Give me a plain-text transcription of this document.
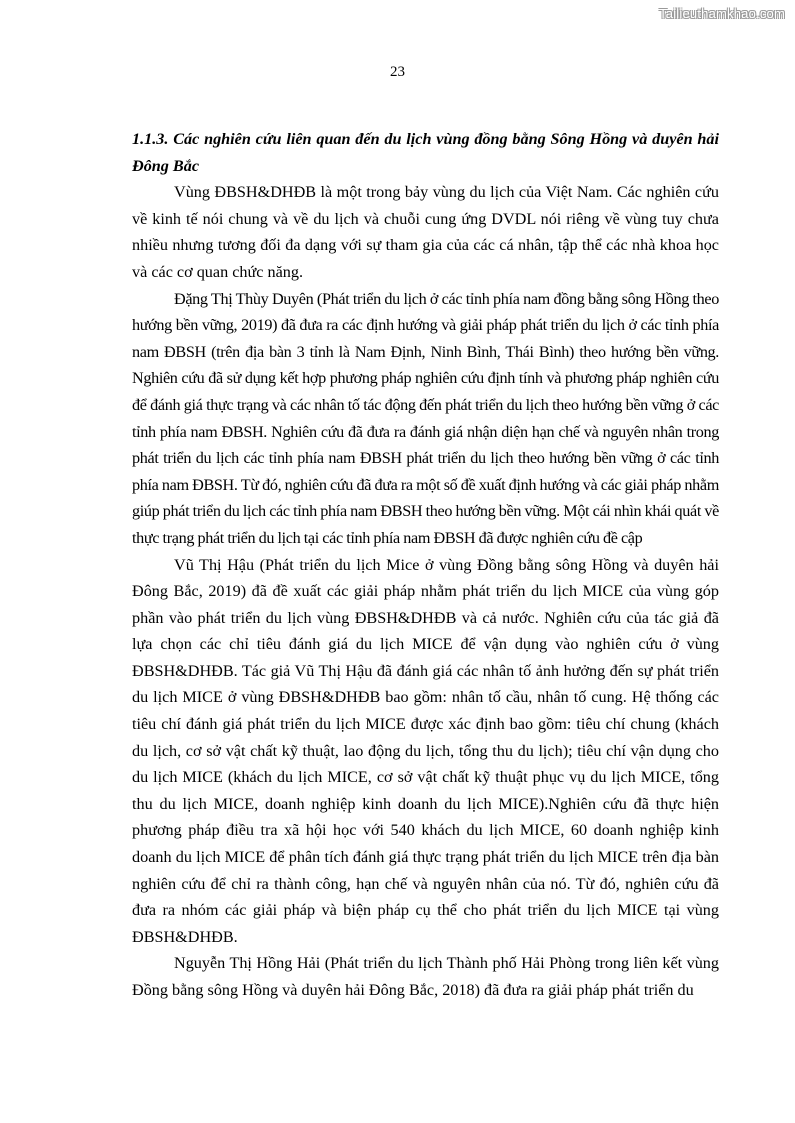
Tailieuthamkhao.com
23

1.1.3. Các nghiên cứu liên quan đến du lịch vùng đồng bằng Sông Hồng và duyên hải Đông Bắc

Vùng ĐBSH&DHĐB là một trong bảy vùng du lịch của Việt Nam. Các nghiên cứu về kinh tế nói chung và về du lịch và chuỗi cung ứng DVDL nói riêng về vùng tuy chưa nhiều nhưng tương đối đa dạng với sự tham gia của các cá nhân, tập thể các nhà khoa học và các cơ quan chức năng.

Đặng Thị Thùy Duyên (Phát triển du lịch ở các tỉnh phía nam đồng bằng sông Hồng theo hướng bền vững, 2019) đã đưa ra các định hướng và giải pháp phát triển du lịch ở các tỉnh phía nam ĐBSH (trên địa bàn 3 tỉnh là Nam Định, Ninh Bình, Thái Bình) theo hướng bền vững. Nghiên cứu đã sử dụng kết hợp phương pháp nghiên cứu định tính và phương pháp nghiên cứu để đánh giá thực trạng và các nhân tố tác động đến phát triển du lịch theo hướng bền vững ở các tỉnh phía nam ĐBSH. Nghiên cứu đã đưa ra đánh giá nhận diện hạn chế và nguyên nhân trong phát triển du lịch các tỉnh phía nam ĐBSH phát triển du lịch theo hướng bền vững ở các tỉnh phía nam ĐBSH. Từ đó, nghiên cứu đã đưa ra một số đề xuất định hướng và các giải pháp nhằm giúp phát triển du lịch các tỉnh phía nam ĐBSH theo hướng bền vững. Một cái nhìn khái quát về thực trạng phát triển du lịch tại các tỉnh phía nam ĐBSH đã được nghiên cứu đề cập

Vũ Thị Hậu (Phát triển du lịch Mice ở vùng Đồng bằng sông Hồng và duyên hải Đông Bắc, 2019) đã đề xuất các giải pháp nhằm phát triển du lịch MICE của vùng góp phần vào phát triển du lịch vùng ĐBSH&DHĐB và cả nước. Nghiên cứu của tác giả đã lựa chọn các chỉ tiêu đánh giá du lịch MICE để vận dụng vào nghiên cứu ở vùng ĐBSH&DHĐB. Tác giả Vũ Thị Hậu đã đánh giá các nhân tố ảnh hưởng đến sự phát triển du lịch MICE ở vùng ĐBSH&DHĐB bao gồm: nhân tố cầu, nhân tố cung. Hệ thống các tiêu chí đánh giá phát triển du lịch MICE được xác định bao gồm: tiêu chí chung (khách du lịch, cơ sở vật chất kỹ thuật, lao động du lịch, tổng thu du lịch); tiêu chí vận dụng cho du lịch MICE (khách du lịch MICE, cơ sở vật chất kỹ thuật phục vụ du lịch MICE, tổng thu du lịch MICE, doanh nghiệp kinh doanh du lịch MICE).Nghiên cứu đã thực hiện phương pháp điều tra xã hội học với 540 khách du lịch MICE, 60 doanh nghiệp kinh doanh du lịch MICE để phân tích đánh giá thực trạng phát triển du lịch MICE trên địa bàn nghiên cứu để chỉ ra thành công, hạn chế và nguyên nhân của nó. Từ đó, nghiên cứu đã đưa ra nhóm các giải pháp và biện pháp cụ thể cho phát triển du lịch MICE tại vùng ĐBSH&DHĐB.

Nguyễn Thị Hồng Hải (Phát triển du lịch Thành phố Hải Phòng trong liên kết vùng Đồng bằng sông Hồng và duyên hải Đông Bắc, 2018) đã đưa ra giải pháp phát triển du
